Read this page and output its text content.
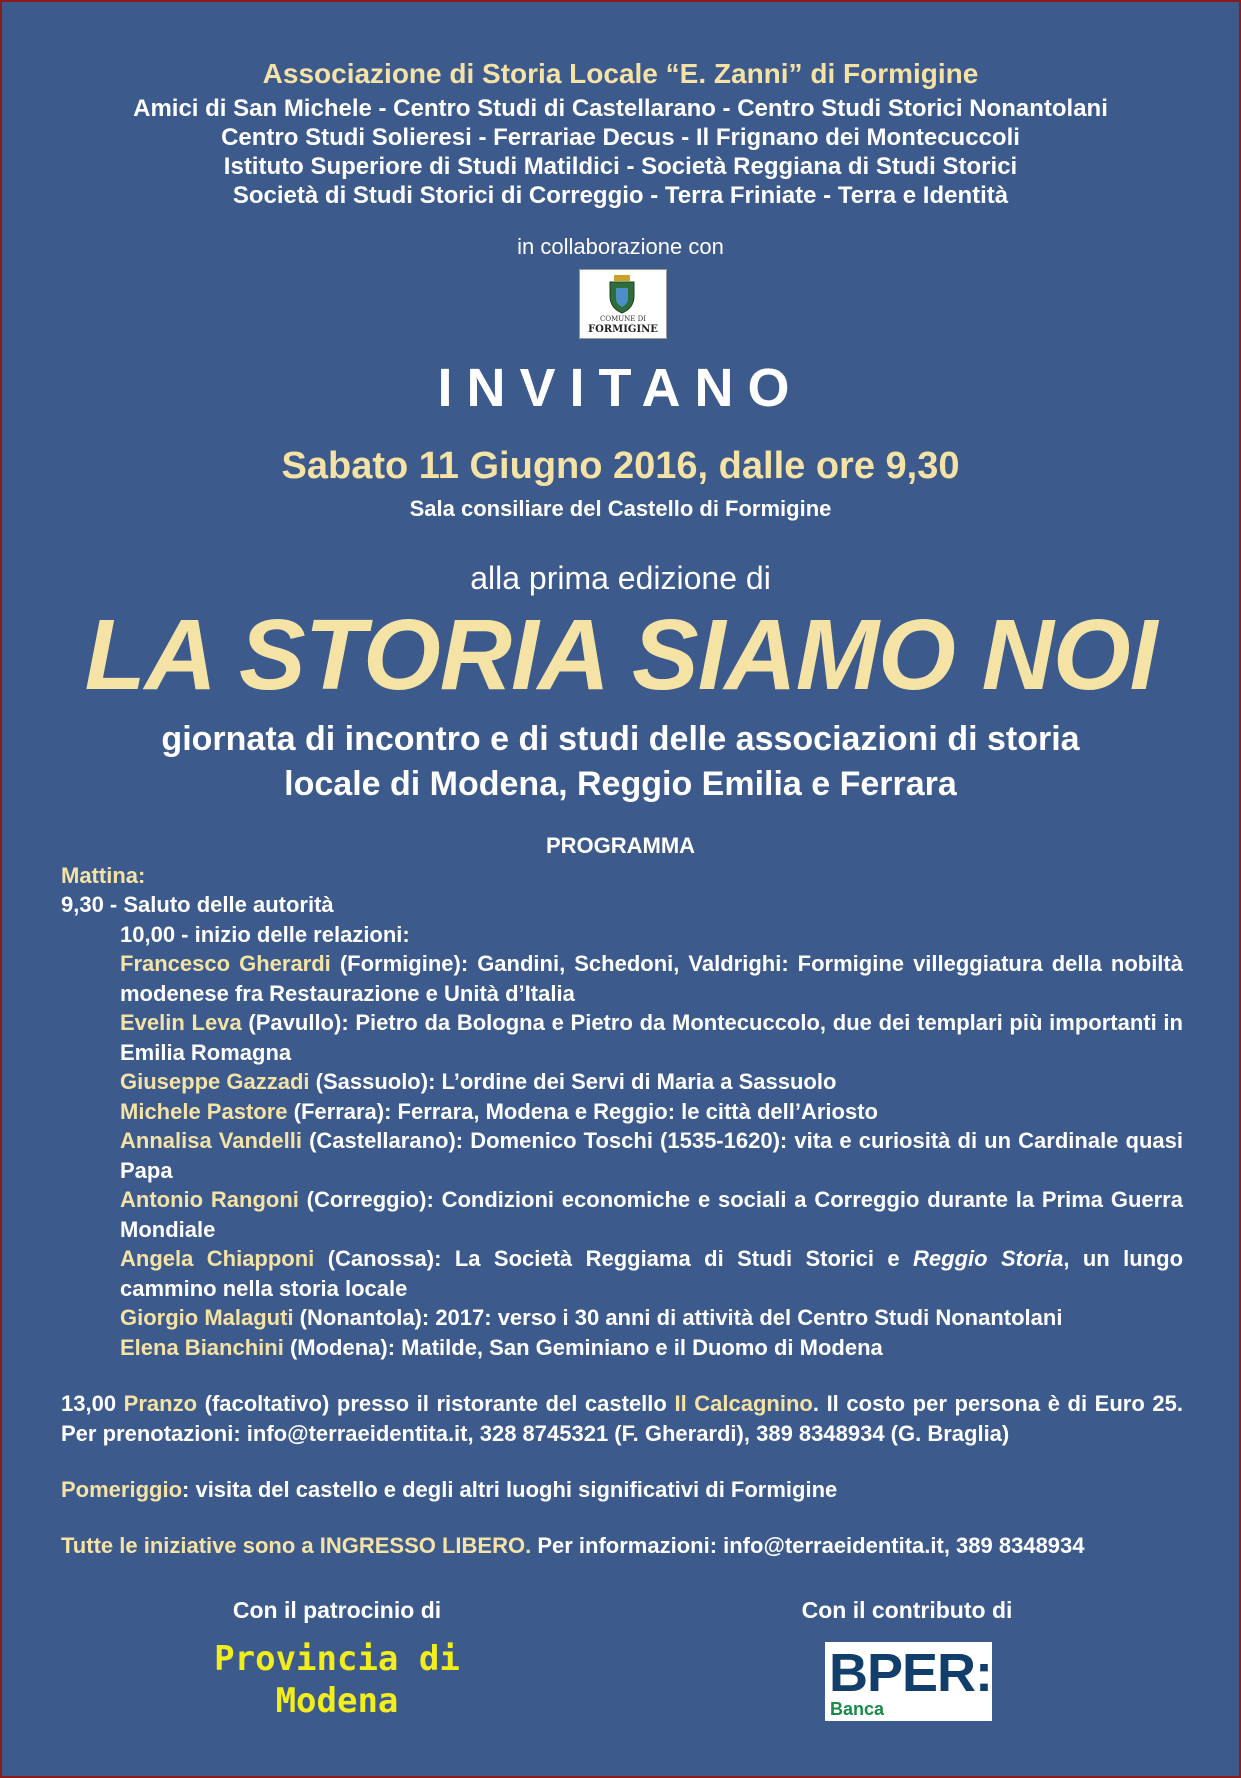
Associazione di Storia Locale “E. Zanni” di Formigine
Amici di San Michele - Centro Studi di Castellarano - Centro Studi Storici Nonantolani
Centro Studi Solieresi - Ferrariae Decus - Il Frignano dei Montecuccoli
Istituto Superiore di Studi Matildici - Società Reggiana di Studi Storici
Società di Studi Storici di Correggio - Terra Friniate - Terra e Identità
in collaborazione con
COMUNE DI
FORMIGINE
INVITANO
Sabato 11 Giugno 2016, dalle ore 9,30
Sala consiliare del Castello di Formigine
alla prima edizione di
LA STORIA SIAMO NOI
giornata di incontro e di studi delle associazioni di storia
locale di Modena, Reggio Emilia e Ferrara
PROGRAMMA
Mattina:
9,30 - Saluto delle autorità
10,00 - inizio delle relazioni:
Francesco Gherardi (Formigine): Gandini, Schedoni, Valdrighi: Formigine villeggiatura della nobiltà modenese fra Restaurazione e Unità d’Italia
Evelin Leva (Pavullo): Pietro da Bologna e Pietro da Montecuccolo, due dei templari più importanti in Emilia Romagna
Giuseppe Gazzadi (Sassuolo): L’ordine dei Servi di Maria a Sassuolo
Michele Pastore (Ferrara): Ferrara, Modena e Reggio: le città dell’Ariosto
Annalisa Vandelli (Castellarano): Domenico Toschi (1535-1620): vita e curiosità di un Cardinale quasi Papa
Antonio Rangoni (Correggio): Condizioni economiche e sociali a Correggio durante la Prima Guerra Mondiale
Angela Chiapponi (Canossa): La Società Reggiama di Studi Storici e Reggio Storia, un lungo cammino nella storia locale
Giorgio Malaguti (Nonantola): 2017: verso i 30 anni di attività del Centro Studi Nonantolani
Elena Bianchini (Modena): Matilde, San Geminiano e il Duomo di Modena
13,00 Pranzo (facoltativo) presso il ristorante del castello Il Calcagnino. Il costo per persona è di Euro 25. Per prenotazioni: info@terraeidentita.it, 328 8745321 (F. Gherardi), 389 8348934 (G. Braglia)
Pomeriggio: visita del castello e degli altri luoghi significativi di Formigine
Tutte le iniziative sono a INGRESSO LIBERO. Per informazioni: info@terraeidentita.it, 389 8348934
Con il patrocinio di	Con il contributo di
Provincia di
Modena	BPER:
Banca
